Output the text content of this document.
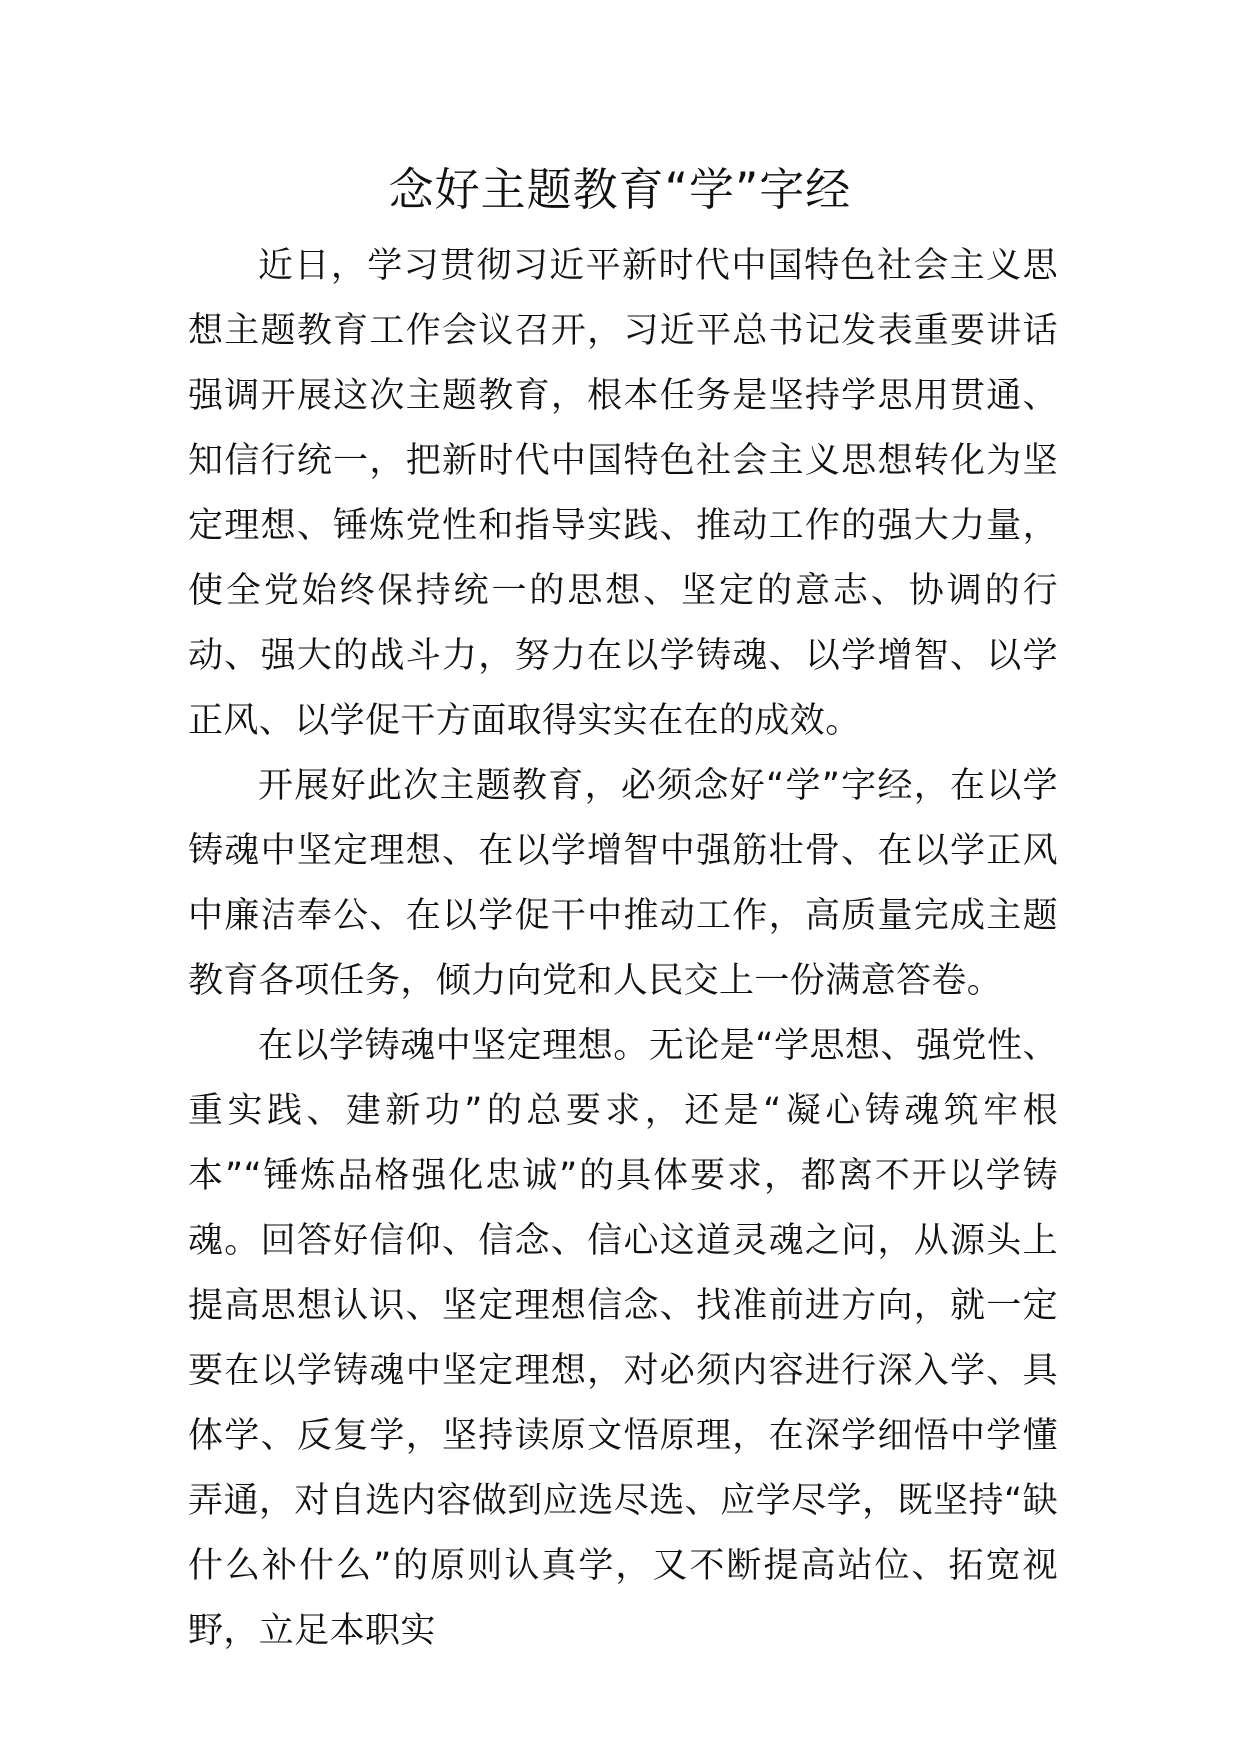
念好主题教育“学”字经

近日，学习贯彻习近平新时代中国特色社会主义思想主题教育工作会议召开，习近平总书记发表重要讲话强调开展这次主题教育，根本任务是坚持学思用贯通、知信行统一，把新时代中国特色社会主义思想转化为坚定理想、锤炼党性和指导实践、推动工作的强大力量，使全党始终保持统一的思想、坚定的意志、协调的行动、强大的战斗力，努力在以学铸魂、以学增智、以学正风、以学促干方面取得实实在在的成效。

开展好此次主题教育，必须念好“学”字经，在以学铸魂中坚定理想、在以学增智中强筋壮骨、在以学正风中廉洁奉公、在以学促干中推动工作，高质量完成主题教育各项任务，倾力向党和人民交上一份满意答卷。

在以学铸魂中坚定理想。无论是“学思想、强党性、重实践、建新功”的总要求，还是“凝心铸魂筑牢根本”“锤炼品格强化忠诚”的具体要求，都离不开以学铸魂。回答好信仰、信念、信心这道灵魂之问，从源头上提高思想认识、坚定理想信念、找准前进方向，就一定要在以学铸魂中坚定理想，对必须内容进行深入学、具体学、反复学，坚持读原文悟原理，在深学细悟中学懂弄通，对自选内容做到应选尽选、应学尽学，既坚持“缺什么补什么”的原则认真学，又不断提高站位、拓宽视野，立足本职实
